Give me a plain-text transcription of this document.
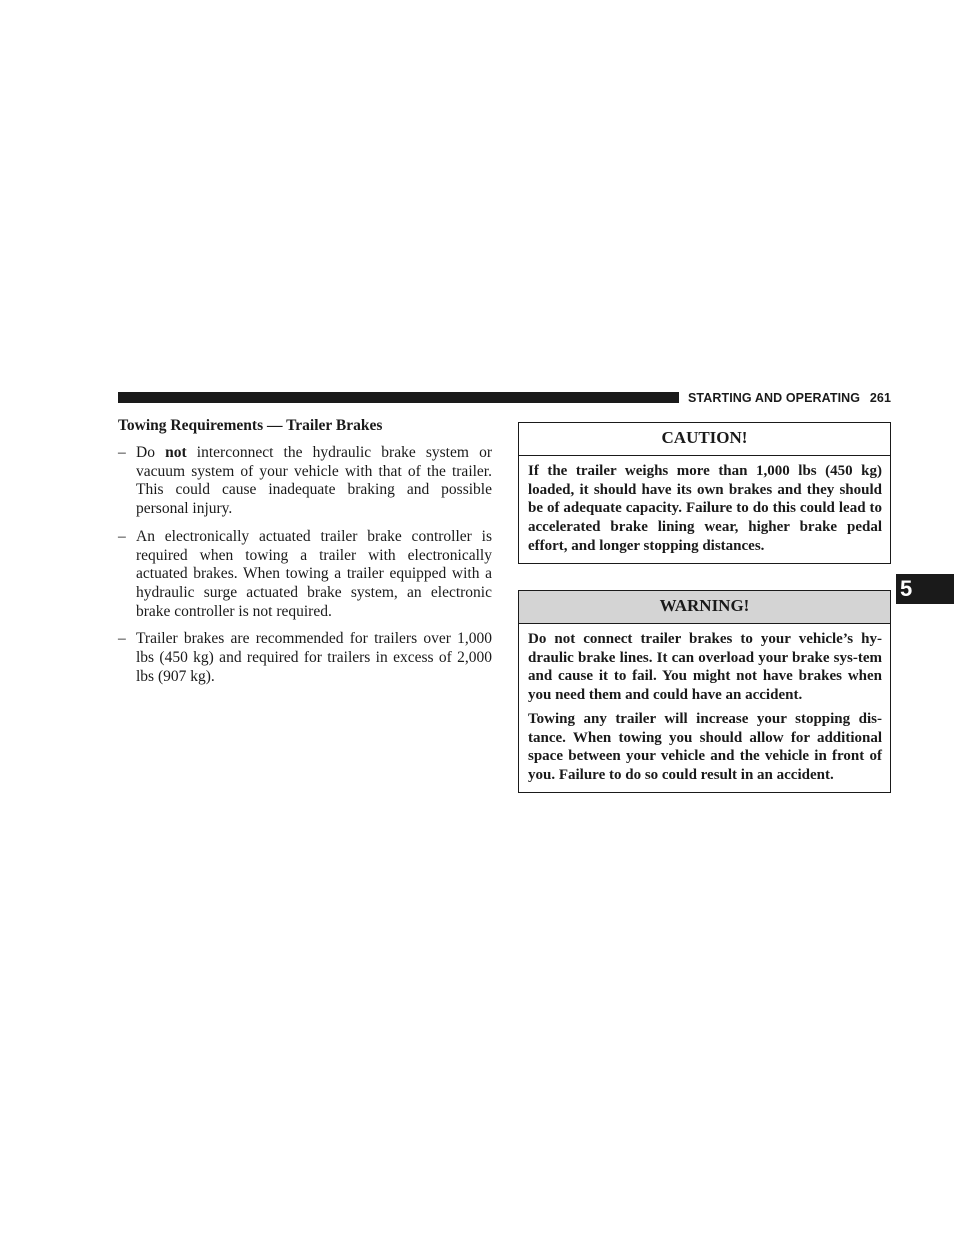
STARTING AND OPERATING 261
5
Towing Requirements — Trailer Brakes
– Do not interconnect the hydraulic brake system or vacuum system of your vehicle with that of the trailer. This could cause inadequate braking and possible personal injury.
– An electronically actuated trailer brake controller is required when towing a trailer with electronically actuated brakes. When towing a trailer equipped with a hydraulic surge actuated brake system, an electronic brake controller is not required.
– Trailer brakes are recommended for trailers over 1,000 lbs (450 kg) and required for trailers in excess of 2,000 lbs (907 kg).
CAUTION!

If the trailer weighs more than 1,000 lbs (450 kg) loaded, it should have its own brakes and they should be of adequate capacity. Failure to do this could lead to accelerated brake lining wear, higher brake pedal effort, and longer stopping distances.

WARNING!

Do not connect trailer brakes to your vehicle’s hy-draulic brake lines. It can overload your brake sys-tem and cause it to fail. You might not have brakes when you need them and could have an accident.

Towing any trailer will increase your stopping dis-tance. When towing you should allow for additional space between your vehicle and the vehicle in front of you. Failure to do so could result in an accident.
